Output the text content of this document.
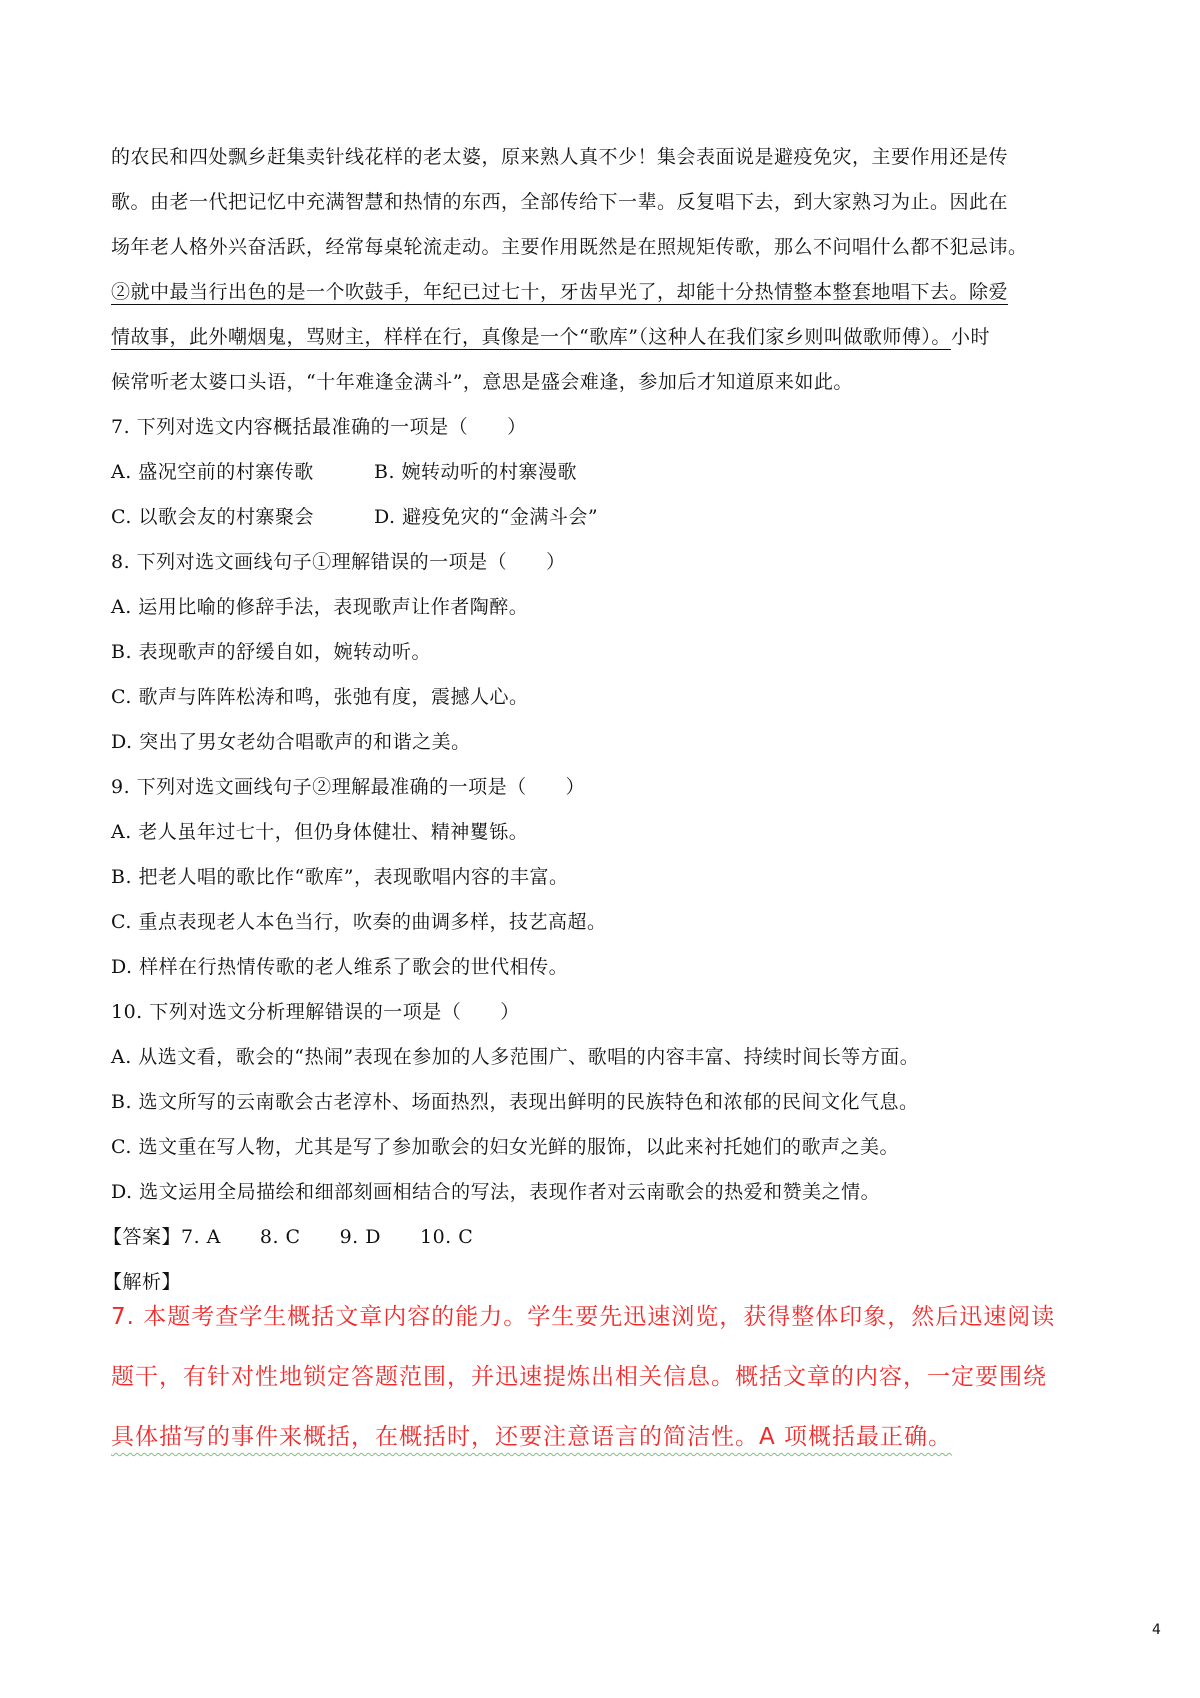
的农民和四处飘乡赶集卖针线花样的老太婆，原来熟人真不少！集会表面说是避疫免灾，主要作用还是传
歌。由老一代把记忆中充满智慧和热情的东西，全部传给下一辈。反复唱下去，到大家熟习为止。因此在
场年老人格外兴奋活跃，经常每桌轮流走动。主要作用既然是在照规矩传歌，那么不问唱什么都不犯忌讳。
②就中最当行出色的是一个吹鼓手，年纪已过七十，牙齿早光了，却能十分热情整本整套地唱下去。除爱
情故事，此外嘲烟鬼，骂财主，样样在行，真像是一个“歌库”（这种人在我们家乡则叫做歌师傅）。小时
候常听老太婆口头语，“十年难逢金满斗”，意思是盛会难逢，参加后才知道原来如此。
7. 下列对选文内容概括最准确的一项是（　　）
A. 盛况空前的村寨传歌	B. 婉转动听的村寨漫歌
C. 以歌会友的村寨聚会	D. 避疫免灾的“金满斗会”
8. 下列对选文画线句子①理解错误的一项是（　　）
A. 运用比喻的修辞手法，表现歌声让作者陶醉。
B. 表现歌声的舒缓自如，婉转动听。
C. 歌声与阵阵松涛和鸣，张弛有度，震撼人心。
D. 突出了男女老幼合唱歌声的和谐之美。
9. 下列对选文画线句子②理解最准确的一项是（　　）
A. 老人虽年过七十，但仍身体健壮、精神矍铄。
B. 把老人唱的歌比作“歌库”，表现歌唱内容的丰富。
C. 重点表现老人本色当行，吹奏的曲调多样，技艺高超。
D. 样样在行热情传歌的老人维系了歌会的世代相传。
10. 下列对选文分析理解错误的一项是（　　）
A. 从选文看，歌会的“热闹”表现在参加的人多范围广、歌唱的内容丰富、持续时间长等方面。
B. 选文所写的云南歌会古老淳朴、场面热烈，表现出鲜明的民族特色和浓郁的民间文化气息。
C. 选文重在写人物，尤其是写了参加歌会的妇女光鲜的服饰，以此来衬托她们的歌声之美。
D. 选文运用全局描绘和细部刻画相结合的写法，表现作者对云南歌会的热爱和赞美之情。
【答案】7. A　　8. C　　9. D　　10. C
【解析】
7. 本题考查学生概括文章内容的能力。学生要先迅速浏览，获得整体印象，然后迅速阅读
题干，有针对性地锁定答题范围，并迅速提炼出相关信息。概括文章的内容，一定要围绕
具体描写的事件来概括，在概括时，还要注意语言的简洁性。A 项概括最正确。
4
